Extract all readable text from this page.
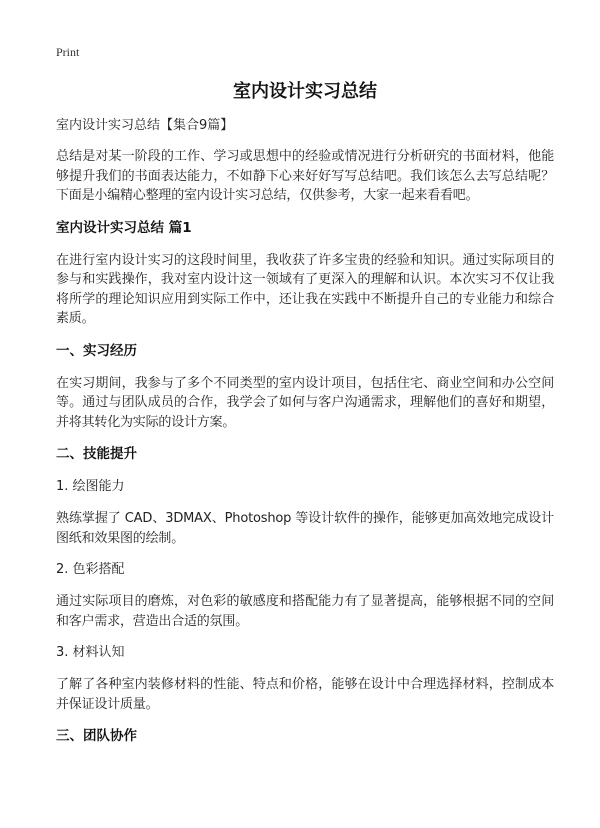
Print
室内设计实习总结
室内设计实习总结【集合9篇】

总结是对某一阶段的工作、学习或思想中的经验或情况进行分析研究的书面材料，他能够提升我们的书面表达能力，不如静下心来好好写写总结吧。我们该怎么去写总结呢？下面是小编精心整理的室内设计实习总结，仅供参考，大家一起来看看吧。

室内设计实习总结 篇1

在进行室内设计实习的这段时间里，我收获了许多宝贵的经验和知识。通过实际项目的参与和实践操作，我对室内设计这一领域有了更深入的理解和认识。本次实习不仅让我将所学的理论知识应用到实际工作中，还让我在实践中不断提升自己的专业能力和综合素质。

一、实习经历

在实习期间，我参与了多个不同类型的室内设计项目，包括住宅、商业空间和办公空间等。通过与团队成员的合作，我学会了如何与客户沟通需求，理解他们的喜好和期望，并将其转化为实际的设计方案。

二、技能提升
1. 绘图能力

熟练掌握了 CAD、3DMAX、Photoshop 等设计软件的操作，能够更加高效地完成设计图纸和效果图的绘制。

2. 色彩搭配

通过实际项目的磨炼，对色彩的敏感度和搭配能力有了显著提高，能够根据不同的空间和客户需求，营造出合适的氛围。

3. 材料认知

了解了各种室内装修材料的性能、特点和价格，能够在设计中合理选择材料，控制成本并保证设计质量。

三、团队协作
